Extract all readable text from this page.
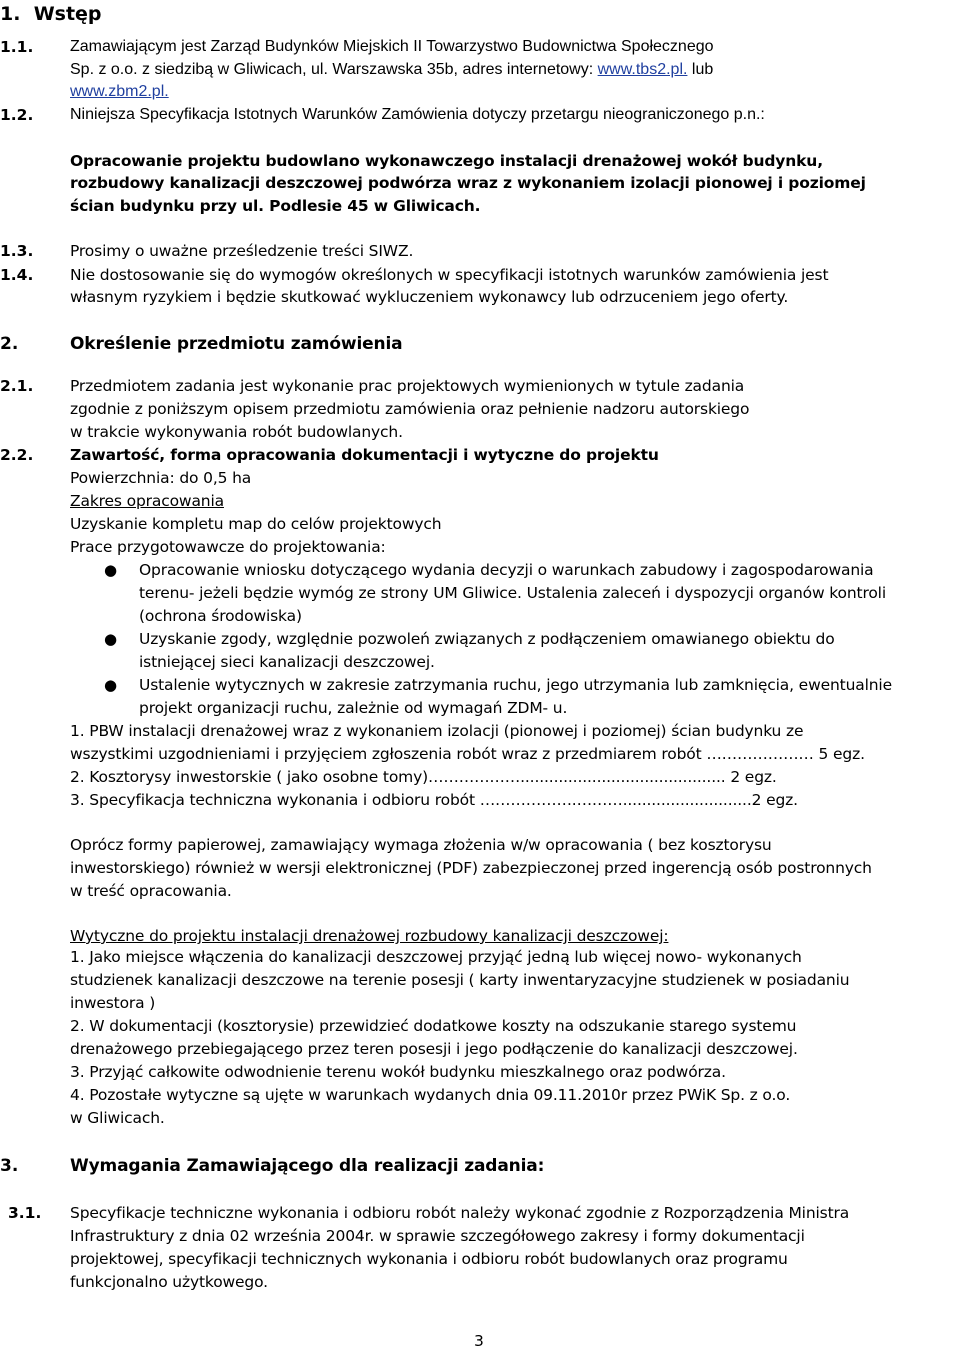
1. Wstęp
1.1. Zamawiającym jest Zarząd Budynków Miejskich II Towarzystwo Budownictwa Społecznego
Sp. z o.o. z siedzibą w Gliwicach, ul. Warszawska 35b, adres internetowy: www.tbs2.pl. lub
www.zbm2.pl.
1.2. Niniejsza Specyfikacja Istotnych Warunków Zamówienia dotyczy przetargu nieograniczonego p.n.:
Opracowanie projektu budowlano wykonawczego instalacji drenażowej wokół budynku,
rozbudowy kanalizacji deszczowej podwórza wraz z wykonaniem izolacji pionowej i poziomej
ścian budynku przy ul. Podlesie 45 w Gliwicach.
1.3. Prosimy o uważne prześledzenie treści SIWZ.
1.4. Nie dostosowanie się do wymogów określonych w specyfikacji istotnych warunków zamówienia jest
własnym ryzykiem i będzie skutkować wykluczeniem wykonawcy lub odrzuceniem jego oferty.
2.	Określenie przedmiotu zamówienia
2.1. Przedmiotem zadania jest wykonanie prac projektowych wymienionych w tytule zadania
zgodnie z poniższym opisem przedmiotu zamówienia oraz pełnienie nadzoru autorskiego
w trakcie wykonywania robót budowlanych.
2.2. Zawartość, forma opracowania dokumentacji i wytyczne do projektu
Powierzchnia: do 0,5 ha
Zakres opracowania
Uzyskanie kompletu map do celów projektowych
Prace przygotowawcze do projektowania:
● Opracowanie wniosku dotyczącego wydania decyzji o warunkach zabudowy i zagospodarowania
terenu- jeżeli będzie wymóg ze strony UM Gliwice. Ustalenia zaleceń i dyspozycji organów kontroli
(ochrona środowiska)
● Uzyskanie zgody, względnie pozwoleń związanych z podłączeniem omawianego obiektu do
istniejącej sieci kanalizacji deszczowej.
● Ustalenie wytycznych w zakresie zatrzymania ruchu, jego utrzymania lub zamknięcia, ewentualnie
projekt organizacji ruchu, zależnie od wymagań ZDM- u.
1. PBW instalacji drenażowej wraz z wykonaniem izolacji (pionowej i poziomej) ścian budynku ze
wszystkimi uzgodnieniami i przyjęciem zgłoszenia robót wraz z przedmiarem robót ………………… 5 egz.
2. Kosztorysy inwestorskie ( jako osobne tomy)………………........................................... 2 egz.
3. Specyfikacja techniczna wykonania i odbioru robót ……………….………...........................2 egz.
Oprócz formy papierowej, zamawiający wymaga złożenia w/w opracowania ( bez kosztorysu
inwestorskiego) również w wersji elektronicznej (PDF) zabezpieczonej przed ingerencją osób postronnych
w treść opracowania.
Wytyczne do projektu instalacji drenażowej rozbudowy kanalizacji deszczowej:
1. Jako miejsce włączenia do kanalizacji deszczowej przyjąć jedną lub więcej nowo- wykonanych
studzienek kanalizacji deszczowe na terenie posesji ( karty inwentaryzacyjne studzienek w posiadaniu
inwestora )
2. W dokumentacji (kosztorysie) przewidzieć dodatkowe koszty na odszukanie starego systemu
drenażowego przebiegającego przez teren posesji i jego podłączenie do kanalizacji deszczowej.
3. Przyjąć całkowite odwodnienie terenu wokół budynku mieszkalnego oraz podwórza.
4. Pozostałe wytyczne są ujęte w warunkach wydanych dnia 09.11.2010r przez PWiK Sp. z o.o.
w Gliwicach.
3.	Wymagania Zamawiającego dla realizacji zadania:
3.1. Specyfikacje techniczne wykonania i odbioru robót należy wykonać zgodnie z Rozporządzenia Ministra
Infrastruktury z dnia 02 września 2004r. w sprawie szczegółowego zakresy i formy dokumentacji
projektowej, specyfikacji technicznych wykonania i odbioru robót budowlanych oraz programu
funkcjonalno użytkowego.
3
